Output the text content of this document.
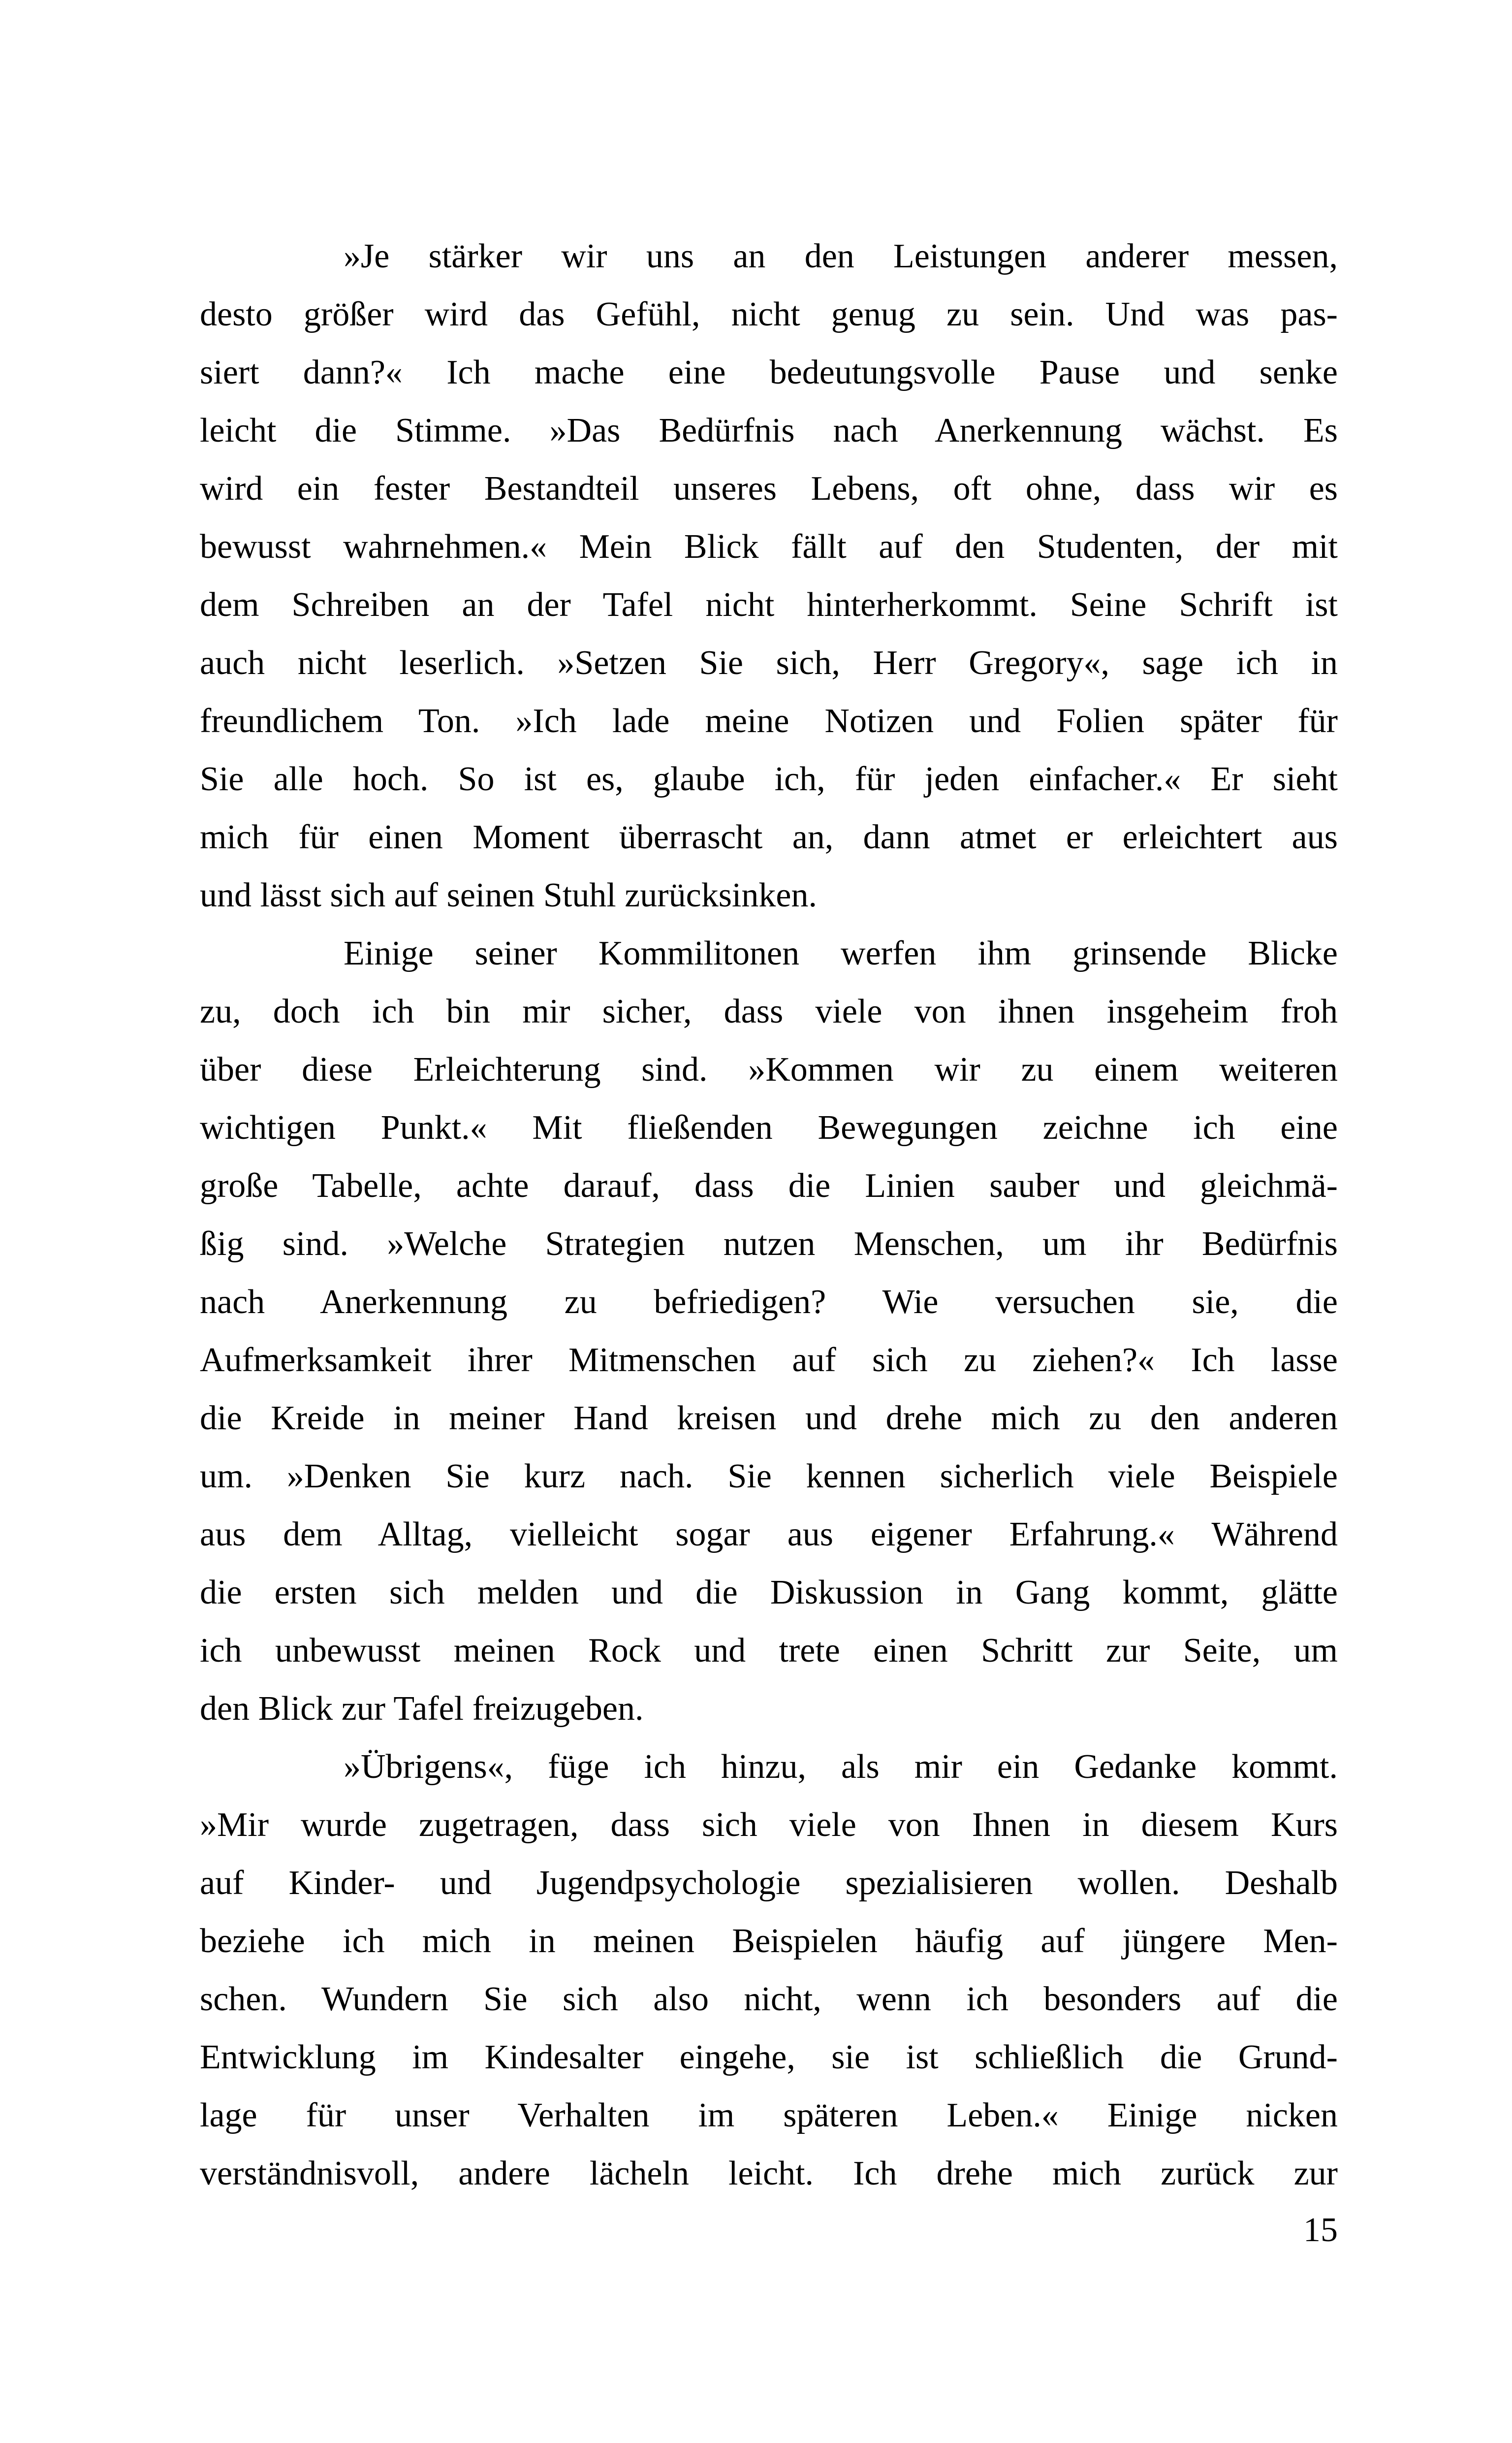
»Je stärker wir uns an den Leistungen anderer messen,
desto größer wird das Gefühl, nicht genug zu sein. Und was pas-
siert dann?« Ich mache eine bedeutungsvolle Pause und senke
leicht die Stimme. »Das Bedürfnis nach Anerkennung wächst. Es
wird ein fester Bestandteil unseres Lebens, oft ohne, dass wir es
bewusst wahrnehmen.« Mein Blick fällt auf den Studenten, der mit
dem Schreiben an der Tafel nicht hinterherkommt. Seine Schrift ist
auch nicht leserlich. »Setzen Sie sich, Herr Gregory«, sage ich in
freundlichem Ton. »Ich lade meine Notizen und Folien später für
Sie alle hoch. So ist es, glaube ich, für jeden einfacher.« Er sieht
mich für einen Moment überrascht an, dann atmet er erleichtert aus
und lässt sich auf seinen Stuhl zurücksinken.
Einige seiner Kommilitonen werfen ihm grinsende Blicke
zu, doch ich bin mir sicher, dass viele von ihnen insgeheim froh
über diese Erleichterung sind. »Kommen wir zu einem weiteren
wichtigen Punkt.« Mit fließenden Bewegungen zeichne ich eine
große Tabelle, achte darauf, dass die Linien sauber und gleichmä-
ßig sind. »Welche Strategien nutzen Menschen, um ihr Bedürfnis
nach Anerkennung zu befriedigen? Wie versuchen sie, die
Aufmerksamkeit ihrer Mitmenschen auf sich zu ziehen?« Ich lasse
die Kreide in meiner Hand kreisen und drehe mich zu den anderen
um. »Denken Sie kurz nach. Sie kennen sicherlich viele Beispiele
aus dem Alltag, vielleicht sogar aus eigener Erfahrung.« Während
die ersten sich melden und die Diskussion in Gang kommt, glätte
ich unbewusst meinen Rock und trete einen Schritt zur Seite, um
den Blick zur Tafel freizugeben.
»Übrigens«, füge ich hinzu, als mir ein Gedanke kommt.
»Mir wurde zugetragen, dass sich viele von Ihnen in diesem Kurs
auf Kinder- und Jugendpsychologie spezialisieren wollen. Deshalb
beziehe ich mich in meinen Beispielen häufig auf jüngere Men-
schen. Wundern Sie sich also nicht, wenn ich besonders auf die
Entwicklung im Kindesalter eingehe, sie ist schließlich die Grund-
lage für unser Verhalten im späteren Leben.« Einige nicken
verständnisvoll, andere lächeln leicht. Ich drehe mich zurück zur
15
